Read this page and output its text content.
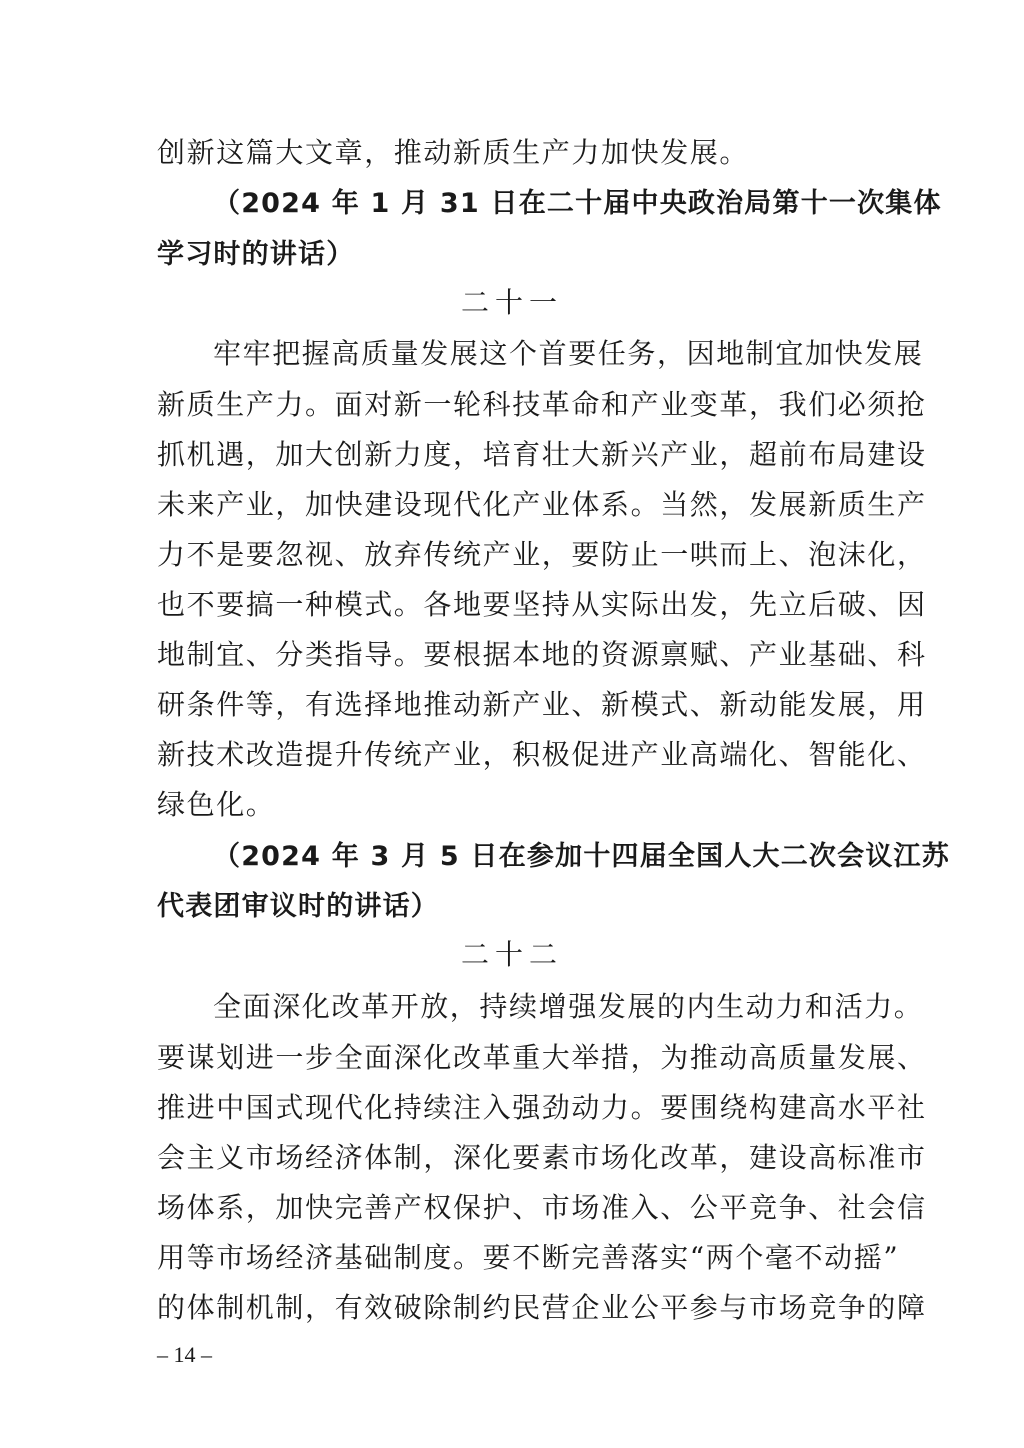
创新这篇大文章，推动新质生产力加快发展。
（2024 年 1 月 31 日在二十届中央政治局第十一次集体
学习时的讲话）
二十一
牢牢把握高质量发展这个首要任务，因地制宜加快发展
新质生产力。面对新一轮科技革命和产业变革，我们必须抢
抓机遇，加大创新力度，培育壮大新兴产业，超前布局建设
未来产业，加快建设现代化产业体系。当然，发展新质生产
力不是要忽视、放弃传统产业，要防止一哄而上、泡沫化，
也不要搞一种模式。各地要坚持从实际出发，先立后破、因
地制宜、分类指导。要根据本地的资源禀赋、产业基础、科
研条件等，有选择地推动新产业、新模式、新动能发展，用
新技术改造提升传统产业，积极促进产业高端化、智能化、
绿色化。
（2024 年 3 月 5 日在参加十四届全国人大二次会议江苏
代表团审议时的讲话）
二十二
全面深化改革开放，持续增强发展的内生动力和活力。
要谋划进一步全面深化改革重大举措，为推动高质量发展、
推进中国式现代化持续注入强劲动力。要围绕构建高水平社
会主义市场经济体制，深化要素市场化改革，建设高标准市
场体系，加快完善产权保护、市场准入、公平竞争、社会信
用等市场经济基础制度。要不断完善落实“两个毫不动摇”
的体制机制，有效破除制约民营企业公平参与市场竞争的障
– 14 –
